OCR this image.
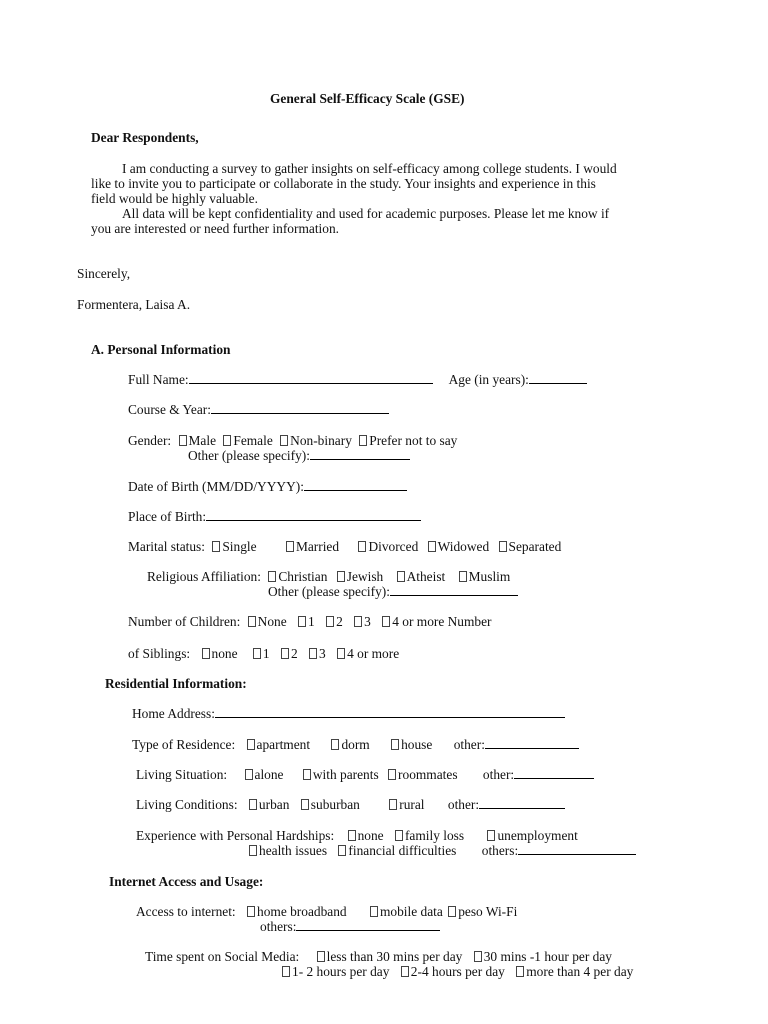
General Self-Efficacy Scale (GSE)
Dear Respondents,
I am conducting a survey to gather insights on self-efficacy among college students. I would
like to invite you to participate or collaborate in the study. Your insights and experience in this
field would be highly valuable.
All data will be kept confidentiality and used for academic purposes. Please let me know if
you are interested or need further information.
Sincerely,
Formentera, Laisa A.
A. Personal Information
Full Name:	Age (in years):
Course & Year:
Gender: Male Female Non-binary Prefer not to say
Other (please specify):
Date of Birth (MM/DD/YYYY):
Place of Birth:
Marital status: Single	Married Divorced Widowed Separated
Religious Affiliation: Christian Jewish Atheist Muslim
Other (please specify):
Number of Children: None 1 2 3 4 or more Number
of Siblings: none 1 2 3 4 or more
Residential Information:
Home Address:
Type of Residence: apartment dorm house other:
Living Situation: alone with parents roommates other:
Living Conditions: urban suburban	rural other:
Experience with Personal Hardships: none family loss unemployment
health issues financial difficulties others:
Internet Access and Usage:
Access to internet: home broadband mobile data peso Wi-Fi
others:
Time spent on Social Media: less than 30 mins per day 30 mins -1 hour per day
1- 2 hours per day 2-4 hours per day more than 4 per day
